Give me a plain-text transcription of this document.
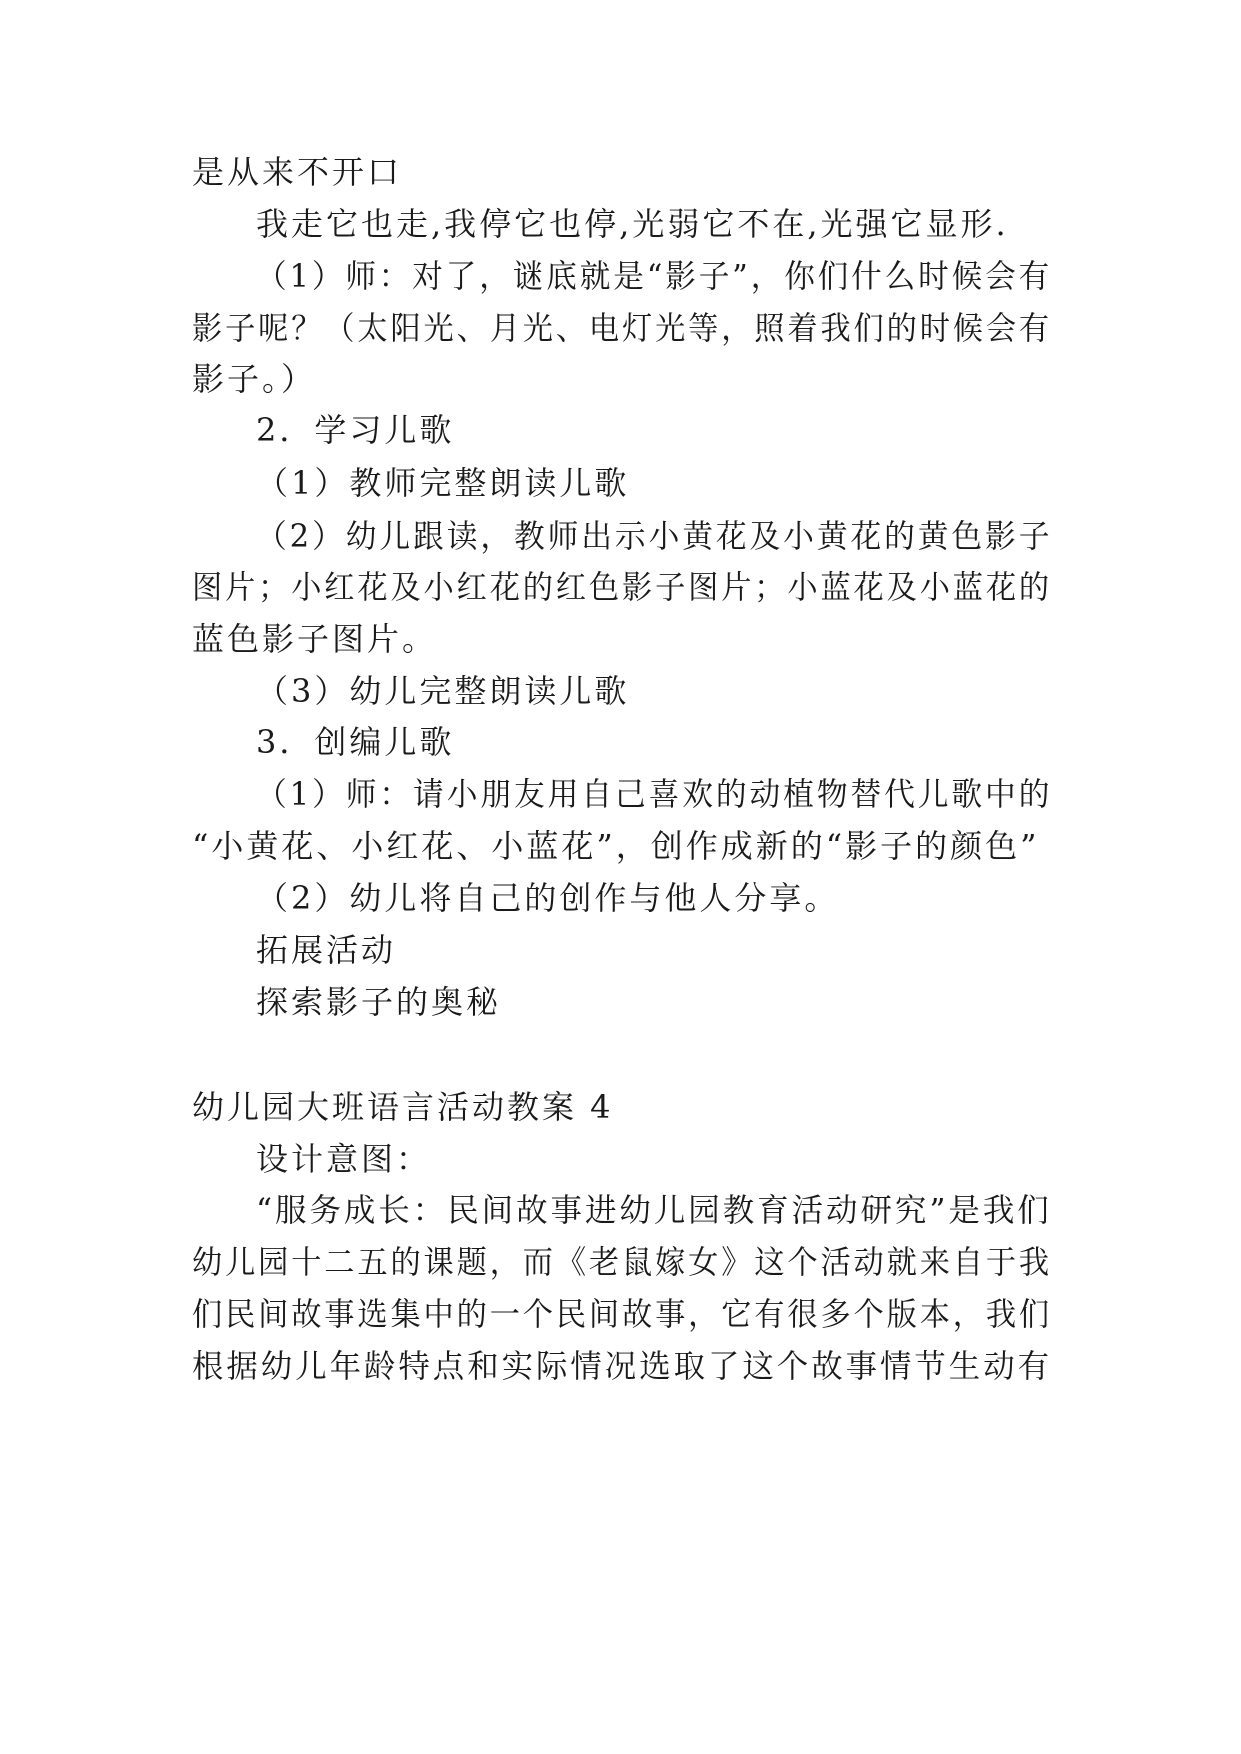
是从来不开口
我走它也走,我停它也停,光弱它不在,光强它显形.
（1）师：对了，谜底就是“影子”，你们什么时候会有
影子呢？（太阳光、月光、电灯光等，照着我们的时候会有
影子。）
2．学习儿歌
（1）教师完整朗读儿歌
（2）幼儿跟读，教师出示小黄花及小黄花的黄色影子
图片；小红花及小红花的红色影子图片；小蓝花及小蓝花的
蓝色影子图片。
（3）幼儿完整朗读儿歌
3．创编儿歌
（1）师：请小朋友用自己喜欢的动植物替代儿歌中的
“小黄花、小红花、小蓝花”，创作成新的“影子的颜色”
（2）幼儿将自己的创作与他人分享。
拓展活动
探索影子的奥秘
幼儿园大班语言活动教案 4
设计意图：
“服务成长：民间故事进幼儿园教育活动研究”是我们
幼儿园十二五的课题，而《老鼠嫁女》这个活动就来自于我
们民间故事选集中的一个民间故事，它有很多个版本，我们
根据幼儿年龄特点和实际情况选取了这个故事情节生动有
